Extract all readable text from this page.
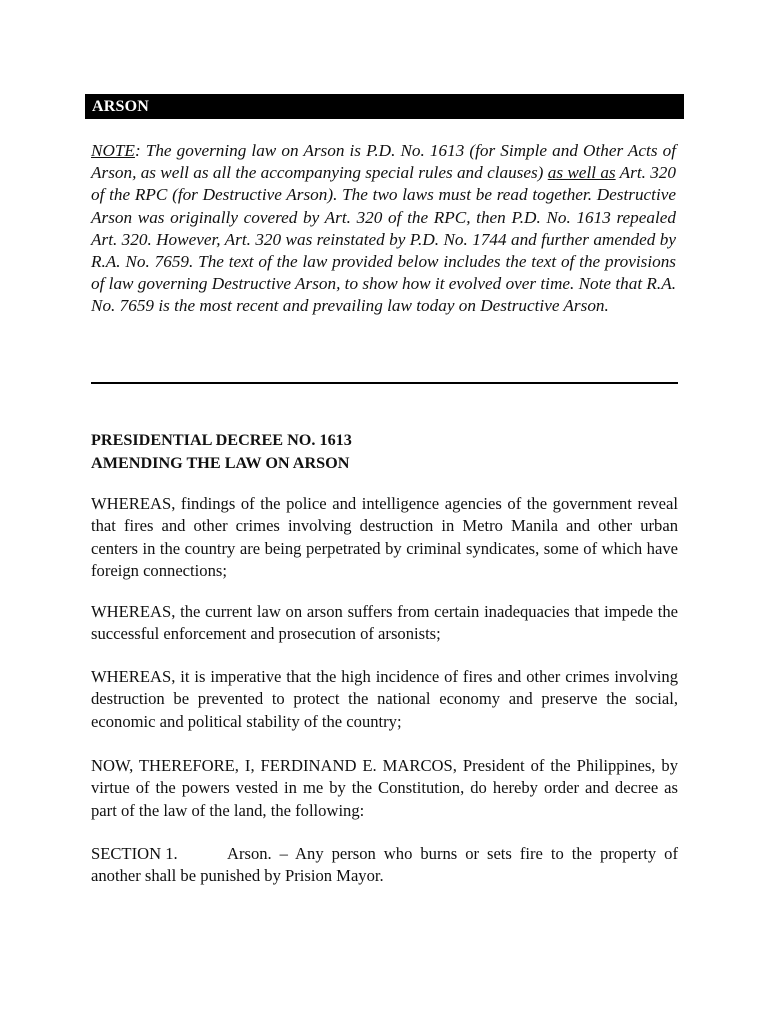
ARSON
NOTE: The governing law on Arson is P.D. No. 1613 (for Simple and Other Acts of Arson, as well as all the accompanying special rules and clauses) as well as Art. 320 of the RPC (for Destructive Arson). The two laws must be read together. Destructive Arson was originally covered by Art. 320 of the RPC, then P.D. No. 1613 repealed Art. 320. However, Art. 320 was reinstated by P.D. No. 1744 and further amended by R.A. No. 7659. The text of the law provided below includes the text of the provisions of law governing Destructive Arson, to show how it evolved over time. Note that R.A. No. 7659 is the most recent and prevailing law today on Destructive Arson.
PRESIDENTIAL DECREE NO. 1613
AMENDING THE LAW ON ARSON
WHEREAS, findings of the police and intelligence agencies of the government reveal that fires and other crimes involving destruction in Metro Manila and other urban centers in the country are being perpetrated by criminal syndicates, some of which have foreign connections;
WHEREAS, the current law on arson suffers from certain inadequacies that impede the successful enforcement and prosecution of arsonists;
WHEREAS, it is imperative that the high incidence of fires and other crimes involving destruction be prevented to protect the national economy and preserve the social, economic and political stability of the country;
NOW, THEREFORE, I, FERDINAND E. MARCOS, President of the Philippines, by virtue of the powers vested in me by the Constitution, do hereby order and decree as part of the law of the land, the following:
SECTION 1.	Arson. – Any person who burns or sets fire to the property of another shall be punished by Prision Mayor.
